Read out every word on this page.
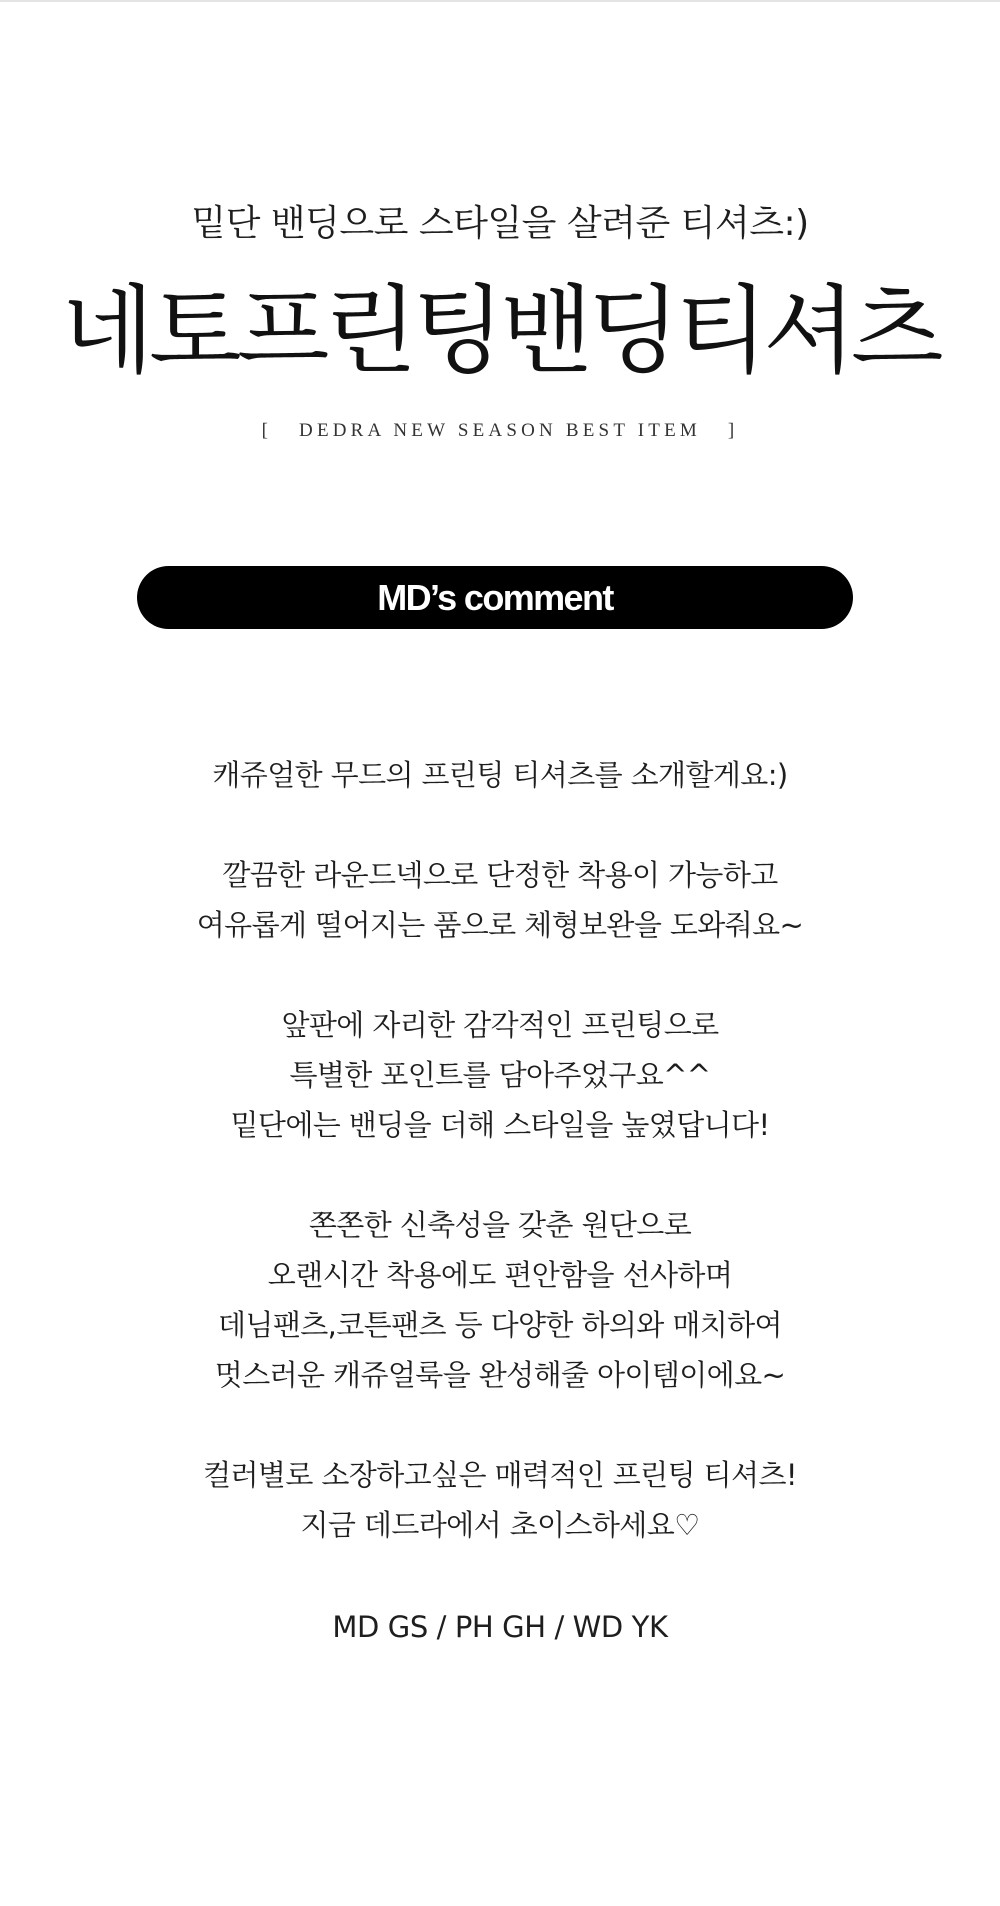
밑단 밴딩으로 스타일을 살려준 티셔츠:)
네토프린팅밴딩티셔츠
[   DEDRA NEW SEASON BEST ITEM   ]
MD’s comment
캐쥬얼한 무드의 프린팅 티셔츠를 소개할게요:)
깔끔한 라운드넥으로 단정한 착용이 가능하고
여유롭게 떨어지는 품으로 체형보완을 도와줘요~
앞판에 자리한 감각적인 프린팅으로
특별한 포인트를 담아주었구요^^
밑단에는 밴딩을 더해 스타일을 높였답니다!
쫀쫀한 신축성을 갖춘 원단으로
오랜시간 착용에도 편안함을 선사하며
데님팬츠,코튼팬츠 등 다양한 하의와 매치하여
멋스러운 캐쥬얼룩을 완성해줄 아이템이에요~
컬러별로 소장하고싶은 매력적인 프린팅 티셔츠!
지금 데드라에서 초이스하세요♡
MD GS / PH GH / WD YK
